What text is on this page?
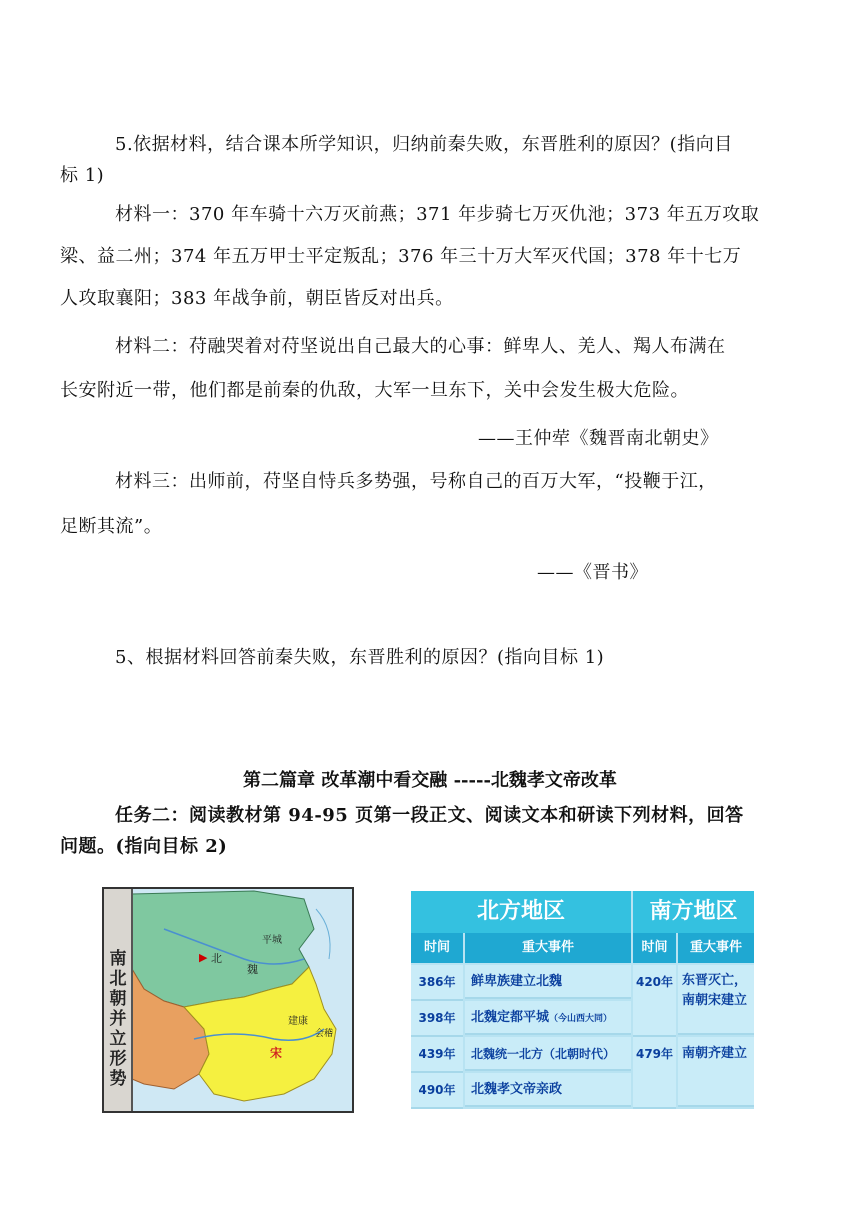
5.依据材料，结合课本所学知识，归纳前秦失败，东晋胜利的原因？(指向目
标 1)
材料一：370 年车骑十六万灭前燕；371 年步骑七万灭仇池；373 年五万攻取
梁、益二州；374 年五万甲士平定叛乱；376 年三十万大军灭代国；378 年十七万
人攻取襄阳；383 年战争前，朝臣皆反对出兵。
材料二：苻融哭着对苻坚说出自己最大的心事：鲜卑人、羌人、羯人布满在
长安附近一带，他们都是前秦的仇敌，大军一旦东下，关中会发生极大危险。
——王仲荦《魏晋南北朝史》
材料三：出师前，苻坚自恃兵多势强，号称自己的百万大军，“投鞭于江，
足断其流”。
——《晋书》
5、根据材料回答前秦失败，东晋胜利的原因？(指向目标 1)
第二篇章 改革潮中看交融 -----北魏孝文帝改革
任务二：阅读教材第 94-95 页第一段正文、阅读文本和研读下列材料，回答
问题。(指向目标 2)
南北朝并立形势
▶ 北
魏
平城
建康
会稽
宋
北方地区	南方地区
时间	重大事件	时间	重大事件
386年	鲜卑族建立北魏
398年	北魏定都平城（今山西大同）
439年	北魏统一北方（北朝时代）
490年	北魏孝文帝亲政
420年 东晋灭亡，
南朝宋建立
479年 南朝齐建立
